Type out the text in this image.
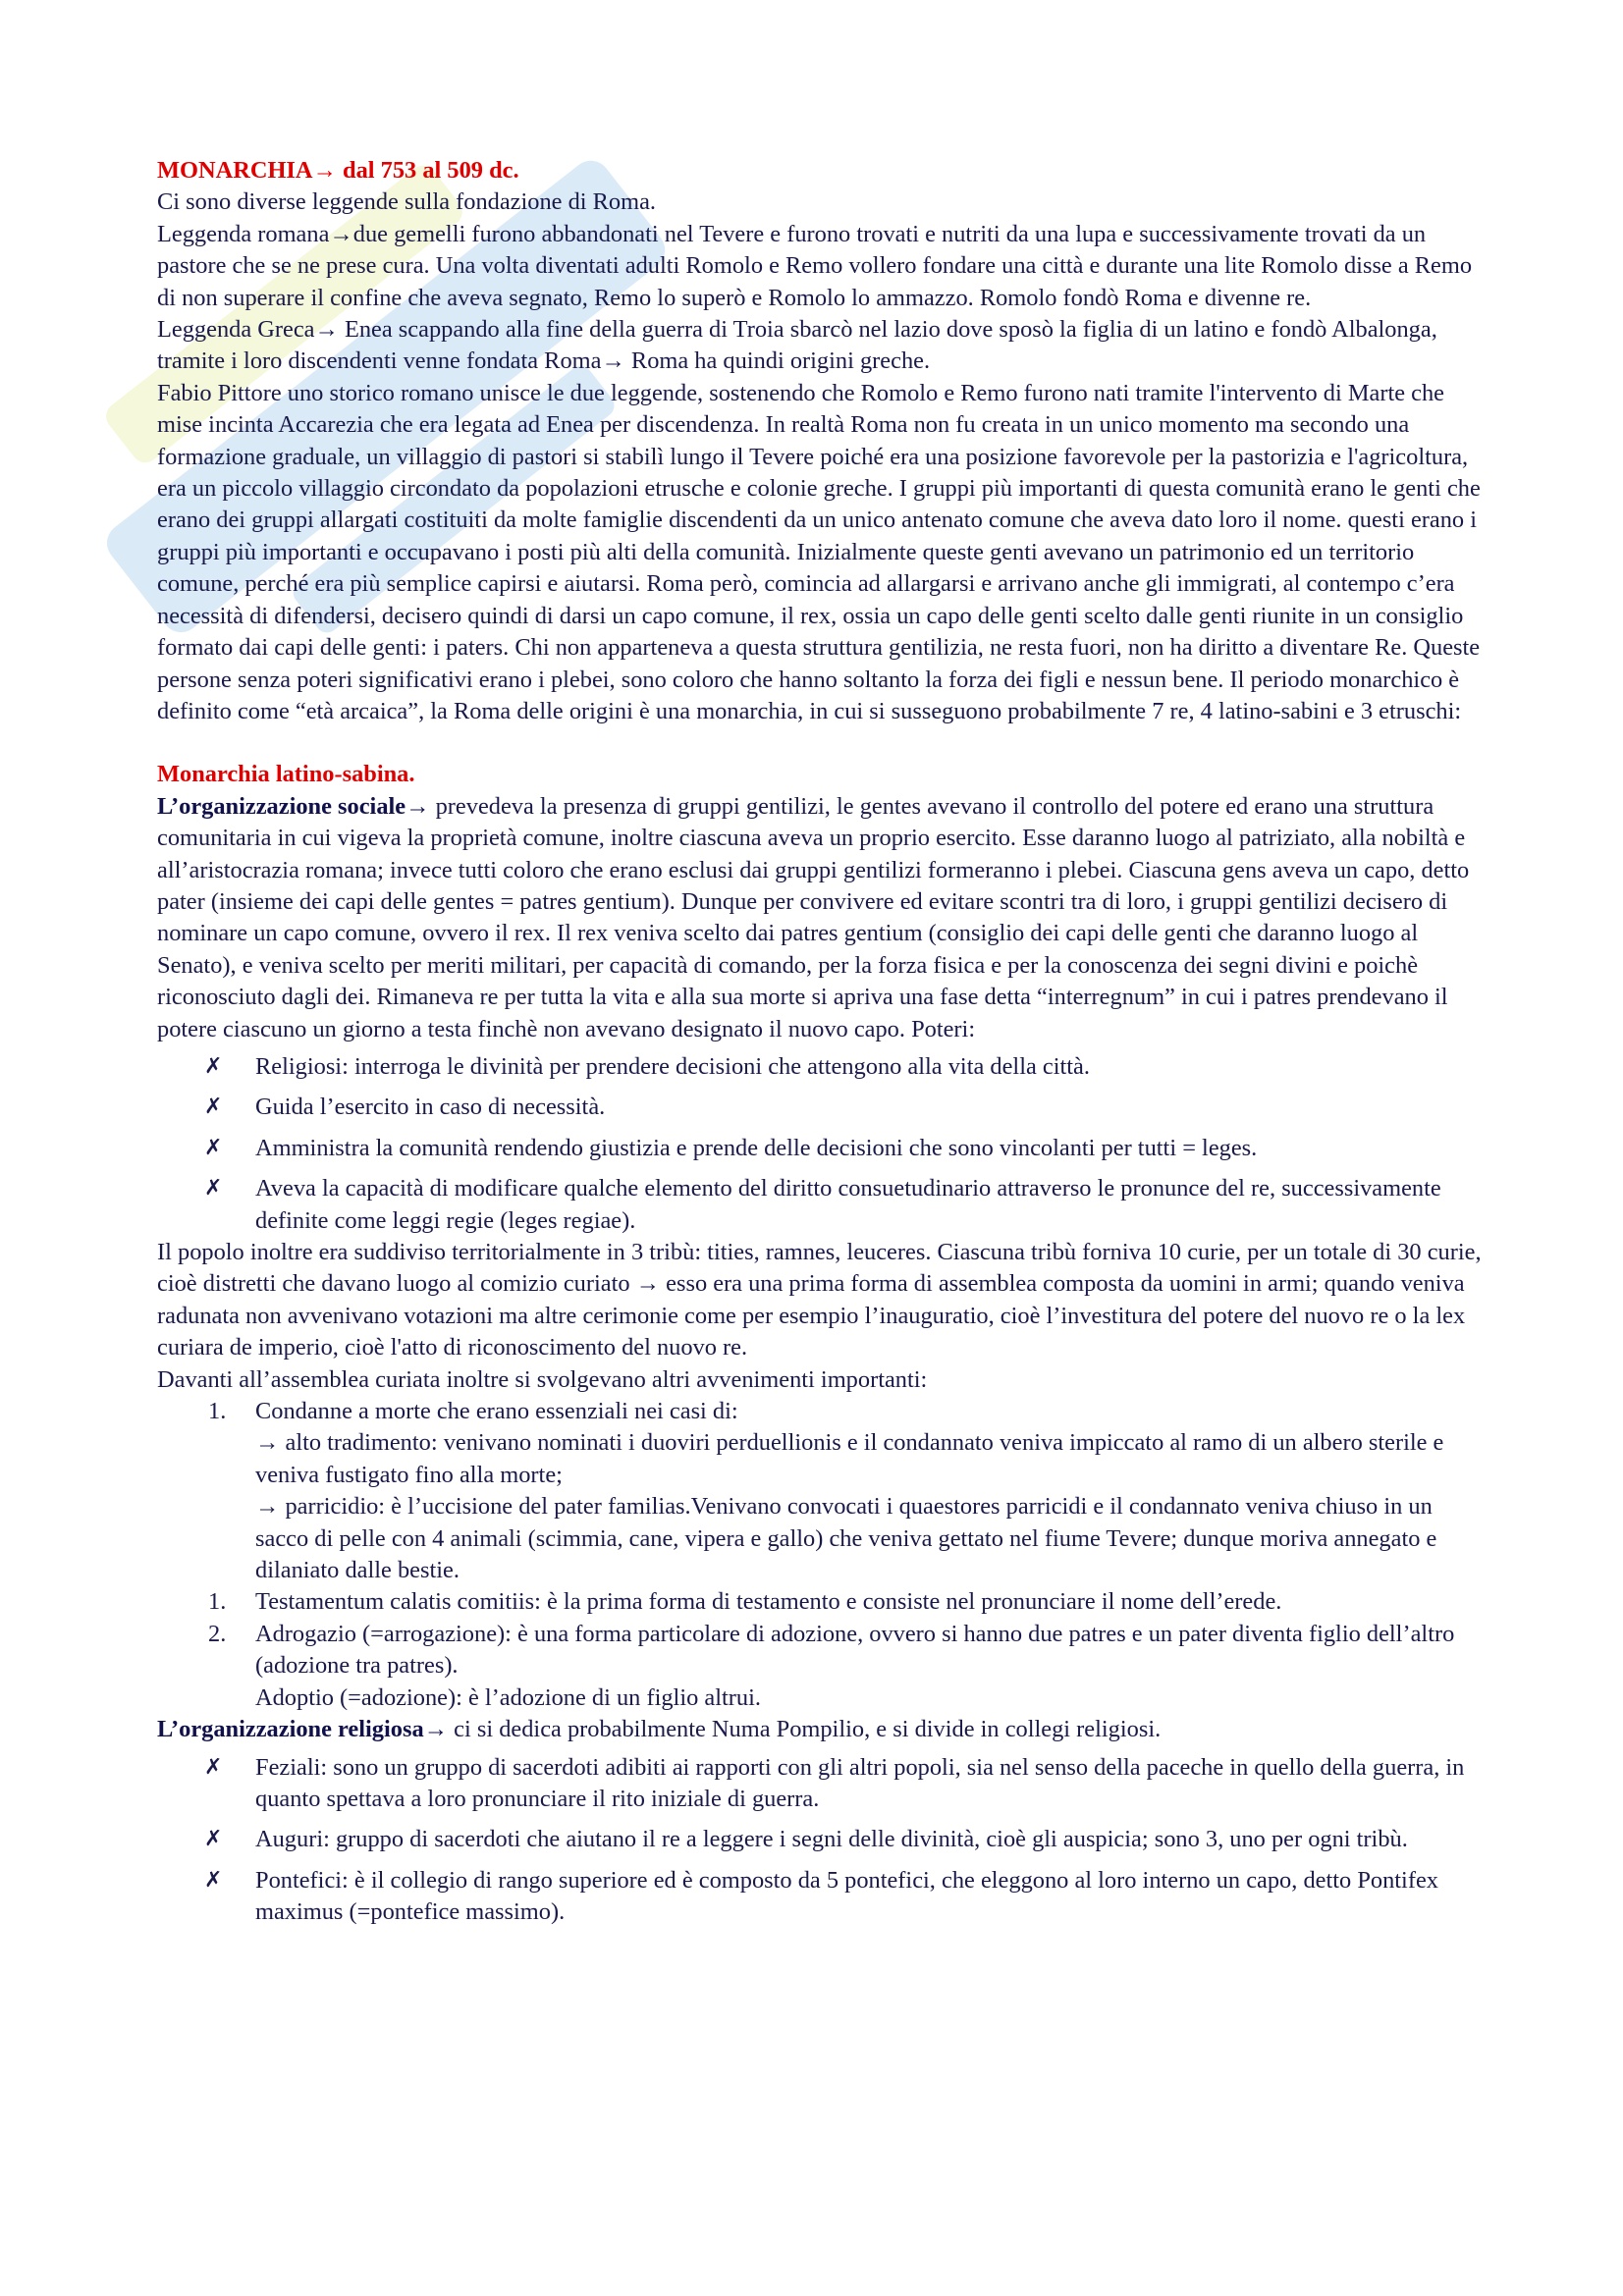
MONARCHIA→ dal 753 al 509 dc.

Ci sono diverse leggende sulla fondazione di Roma.

Leggenda romana→due gemelli furono abbandonati nel Tevere e furono trovati e nutriti da una lupa e successivamente trovati da un pastore che se ne prese cura. Una volta diventati adulti Romolo e Remo vollero fondare una città e durante una lite Romolo disse a Remo di non superare il confine che aveva segnato, Remo lo superò e Romolo lo ammazzo. Romolo fondò Roma e divenne re.

Leggenda Greca→ Enea scappando alla fine della guerra di Troia sbarcò nel lazio dove sposò la figlia di un latino e fondò Albalonga, tramite i loro discendenti venne fondata Roma→ Roma ha quindi origini greche.

Fabio Pittore uno storico romano unisce le due leggende, sostenendo che Romolo e Remo furono nati tramite l'intervento di Marte che mise incinta Accarezia che era legata ad Enea per discendenza. In realtà Roma non fu creata in un unico momento ma secondo una formazione graduale, un villaggio di pastori si stabilì lungo il Tevere poiché era una posizione favorevole per la pastorizia e l'agricoltura, era un piccolo villaggio circondato da popolazioni etrusche e colonie greche. I gruppi più importanti di questa comunità erano le genti che erano dei gruppi allargati costituiti da molte famiglie discendenti da un unico antenato comune che aveva dato loro il nome. questi erano i gruppi più importanti e occupavano i posti più alti della comunità. Inizialmente queste genti avevano un patrimonio ed un territorio comune, perché era più semplice capirsi e aiutarsi. Roma però, comincia ad allargarsi e arrivano anche gli immigrati, al contempo c’era necessità di difendersi, decisero quindi di darsi un capo comune, il rex, ossia un capo delle genti scelto dalle genti riunite in un consiglio formato dai capi delle genti: i paters. Chi non apparteneva a questa struttura gentilizia, ne resta fuori, non ha diritto a diventare Re. Queste persone senza poteri significativi erano i plebei, sono coloro che hanno soltanto la forza dei figli e nessun bene. Il periodo monarchico è definito come “età arcaica”, la Roma delle origini è una monarchia, in cui si susseguono probabilmente 7 re, 4 latino-sabini e 3 etruschi:

Monarchia latino-sabina.

L’organizzazione sociale→ prevedeva la presenza di gruppi gentilizi, le gentes avevano il controllo del potere ed erano una struttura comunitaria in cui vigeva la proprietà comune, inoltre ciascuna aveva un proprio esercito. Esse daranno luogo al patriziato, alla nobiltà e all’aristocrazia romana; invece tutti coloro che erano esclusi dai gruppi gentilizi formeranno i plebei. Ciascuna gens aveva un capo, detto pater (insieme dei capi delle gentes = patres gentium). Dunque per convivere ed evitare scontri tra di loro, i gruppi gentilizi decisero di nominare un capo comune, ovvero il rex. Il rex veniva scelto dai patres gentium (consiglio dei capi delle genti che daranno luogo al Senato), e veniva scelto per meriti militari, per capacità di comando, per la forza fisica e per la conoscenza dei segni divini e poichè riconosciuto dagli dei. Rimaneva re per tutta la vita e alla sua morte si apriva una fase detta “interregnum” in cui i patres prendevano il potere ciascuno un giorno a testa finchè non avevano designato il nuovo capo. Poteri:

✗ Religiosi: interroga le divinità per prendere decisioni che attengono alla vita della città.
✗ Guida l’esercito in caso di necessità.
✗ Amministra la comunità rendendo giustizia e prende delle decisioni che sono vincolanti per tutti = leges.
✗ Aveva la capacità di modificare qualche elemento del diritto consuetudinario attraverso le pronunce del re, successivamente definite come leggi regie (leges regiae).

Il popolo inoltre era suddiviso territorialmente in 3 tribù: tities, ramnes, leuceres. Ciascuna tribù forniva 10 curie, per un totale di 30 curie, cioè distretti che davano luogo al comizio curiato → esso era una prima forma di assemblea composta da uomini in armi; quando veniva radunata non avvenivano votazioni ma altre cerimonie come per esempio l’inauguratio, cioè l’investitura del potere del nuovo re o la lex curiara de imperio, cioè l'atto di riconoscimento del nuovo re.

Davanti all’assemblea curiata inoltre si svolgevano altri avvenimenti importanti:

1. Condanne a morte che erano essenziali nei casi di:
→ alto tradimento: venivano nominati i duoviri perduellionis e il condannato veniva impiccato al ramo di un albero sterile e veniva fustigato fino alla morte;
→ parricidio: è l’uccisione del pater familias.Venivano convocati i quaestores parricidi e il condannato veniva chiuso in un sacco di pelle con 4 animali (scimmia, cane, vipera e gallo) che veniva gettato nel fiume Tevere; dunque moriva annegato e dilaniato dalle bestie.
1. Testamentum calatis comitiis: è la prima forma di testamento e consiste nel pronunciare il nome dell’erede.
2. Adrogazio (=arrogazione): è una forma particolare di adozione, ovvero si hanno due patres e un pater diventa figlio dell’altro (adozione tra patres).
Adoptio (=adozione): è l’adozione di un figlio altrui.

L’organizzazione religiosa→ ci si dedica probabilmente Numa Pompilio, e si divide in collegi religiosi.

✗ Feziali: sono un gruppo di sacerdoti adibiti ai rapporti con gli altri popoli, sia nel senso della paceche in quello della guerra, in quanto spettava a loro pronunciare il rito iniziale di guerra.
✗ Auguri: gruppo di sacerdoti che aiutano il re a leggere i segni delle divinità, cioè gli auspicia; sono 3, uno per ogni tribù.
✗ Pontefici: è il collegio di rango superiore ed è composto da 5 pontefici, che eleggono al loro interno un capo, detto Pontifex maximus (=pontefice massimo).
